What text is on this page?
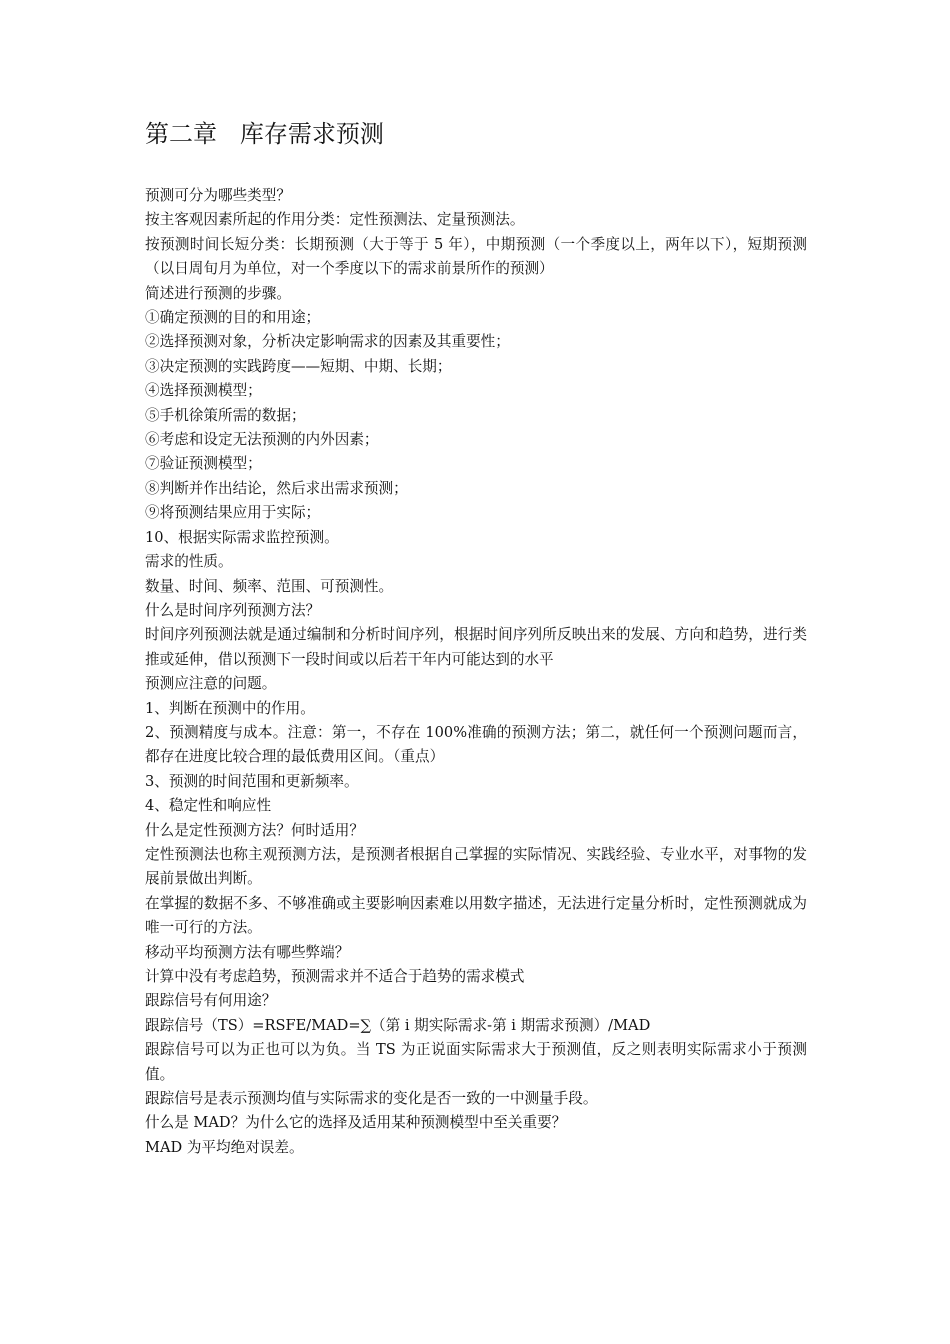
第二章   库存需求预测

预测可分为哪些类型？

按主客观因素所起的作用分类：定性预测法、定量预测法。

按预测时间长短分类：长期预测（大于等于 5 年），中期预测（一个季度以上，两年以下），短期预测（以日周旬月为单位，对一个季度以下的需求前景所作的预测）

简述进行预测的步骤。

①确定预测的目的和用途；

②选择预测对象，分析决定影响需求的因素及其重要性；

③决定预测的实践跨度——短期、中期、长期；

④选择预测模型；

⑤手机徐策所需的数据；

⑥考虑和设定无法预测的内外因素；

⑦验证预测模型；

⑧判断并作出结论，然后求出需求预测；

⑨将预测结果应用于实际；

10、根据实际需求监控预测。

需求的性质。

数量、时间、频率、范围、可预测性。

什么是时间序列预测方法？

时间序列预测法就是通过编制和分析时间序列，根据时间序列所反映出来的发展、方向和趋势，进行类推或延伸，借以预测下一段时间或以后若干年内可能达到的水平

预测应注意的问题。

1、判断在预测中的作用。

2、预测精度与成本。注意：第一，不存在 100%准确的预测方法；第二，就任何一个预测问题而言，都存在进度比较合理的最低费用区间。（重点）

3、预测的时间范围和更新频率。

4、稳定性和响应性

什么是定性预测方法？何时适用？

定性预测法也称主观预测方法，是预测者根据自己掌握的实际情况、实践经验、专业水平，对事物的发展前景做出判断。

在掌握的数据不多、不够准确或主要影响因素难以用数字描述，无法进行定量分析时，定性预测就成为唯一可行的方法。

移动平均预测方法有哪些弊端？

计算中没有考虑趋势，预测需求并不适合于趋势的需求模式

跟踪信号有何用途？

跟踪信号（TS）=RSFE/MAD=∑（第 i 期实际需求-第 i 期需求预测）/MAD

跟踪信号可以为正也可以为负。当 TS 为正说面实际需求大于预测值，反之则表明实际需求小于预测值。

跟踪信号是表示预测均值与实际需求的变化是否一致的一中测量手段。

什么是 MAD？为什么它的选择及适用某种预测模型中至关重要？

MAD 为平均绝对误差。
